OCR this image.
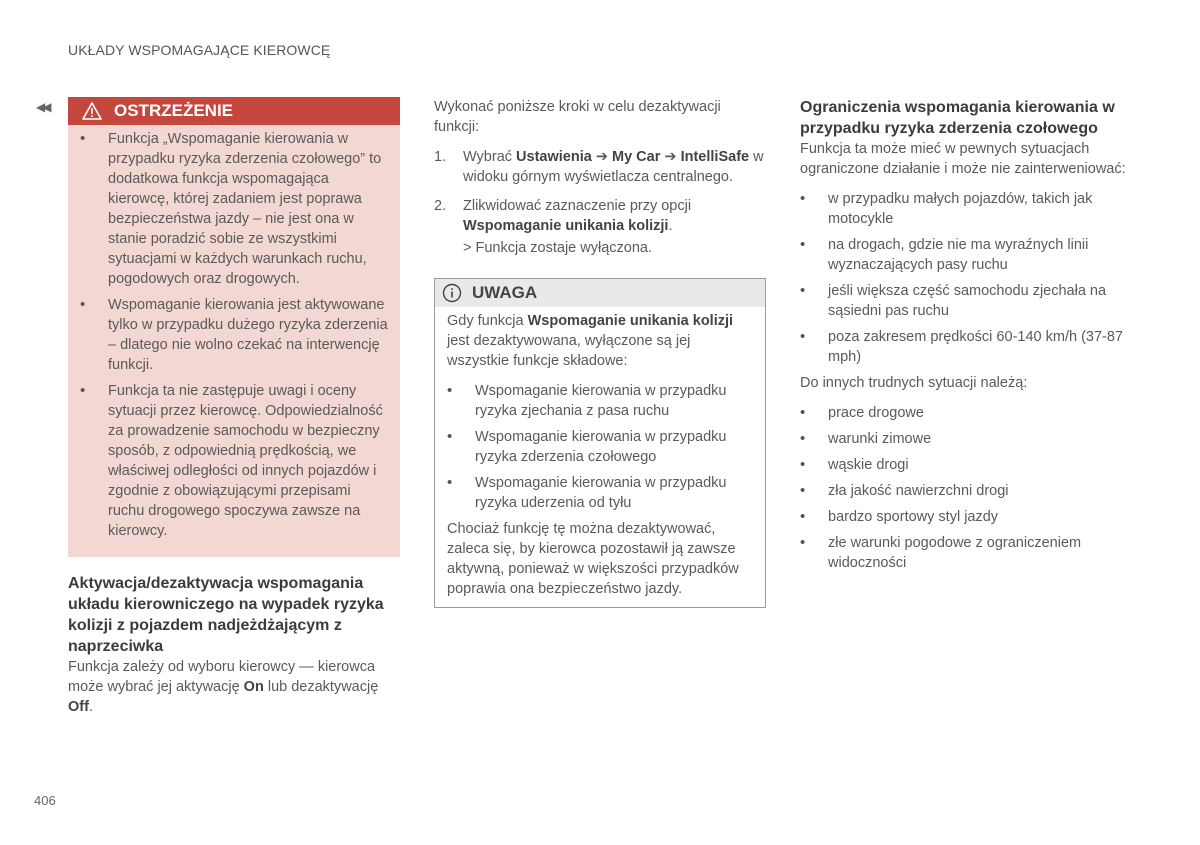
UKŁADY WSPOMAGAJĄCE KIEROWCĘ
◀◀	OSTRZEŻENIE
• Funkcja „Wspomaganie kierowania w przypadku ryzyka zderzenia czołowego” to dodatkowa funkcja wspomagająca kierowcę, której zadaniem jest poprawa bezpieczeństwa jazdy – nie jest ona w stanie poradzić sobie ze wszystkimi sytuacjami w każdych warunkach ruchu, pogodowych oraz drogowych.
• Wspomaganie kierowania jest aktywowane tylko w przypadku dużego ryzyka zderzenia – dlatego nie wolno czekać na interwencję funkcji.
• Funkcja ta nie zastępuje uwagi i oceny sytuacji przez kierowcę. Odpowiedzialność za prowadzenie samochodu w bezpieczny sposób, z odpowiednią prędkością, we właściwej odległości od innych pojazdów i zgodnie z obowiązującymi przepisami ruchu drogowego spoczywa zawsze na kierowcy.
Aktywacja/dezaktywacja wspomagania układu kierowniczego na wypadek ryzyka kolizji z pojazdem nadjeżdżającym z naprzeciwka

Funkcja zależy od wyboru kierowcy — kierowca może wybrać jej aktywację On lub dezaktywację Off.

Wykonać poniższe kroki w celu dezaktywacji funkcji:

1. Wybrać Ustawienia ➔ My Car ➔ IntelliSafe w widoku górnym wyświetlacza centralnego.
2. Zlikwidować zaznaczenie przy opcji Wspomaganie unikania kolizji.
> Funkcja zostaje wyłączona.
UWAGA

Gdy funkcja Wspomaganie unikania kolizji jest dezaktywowana, wyłączone są jej wszystkie funkcje składowe:

• Wspomaganie kierowania w przypadku ryzyka zjechania z pasa ruchu
• Wspomaganie kierowania w przypadku ryzyka zderzenia czołowego
• Wspomaganie kierowania w przypadku ryzyka uderzenia od tyłu

Chociaż funkcję tę można dezaktywować, zaleca się, by kierowca pozostawił ją zawsze aktywną, ponieważ w większości przypadków poprawia ona bezpieczeństwo jazdy.

Ograniczenia wspomagania kierowania w przypadku ryzyka zderzenia czołowego

Funkcja ta może mieć w pewnych sytuacjach ograniczone działanie i może nie zainterweniować:

• w przypadku małych pojazdów, takich jak motocykle
• na drogach, gdzie nie ma wyraźnych linii wyznaczających pasy ruchu
• jeśli większa część samochodu zjechała na sąsiedni pas ruchu
• poza zakresem prędkości 60-140 km/h (37-87 mph)

Do innych trudnych sytuacji należą:

• prace drogowe
• warunki zimowe
• wąskie drogi
• zła jakość nawierzchni drogi
• bardzo sportowy styl jazdy
• złe warunki pogodowe z ograniczeniem widoczności
406
